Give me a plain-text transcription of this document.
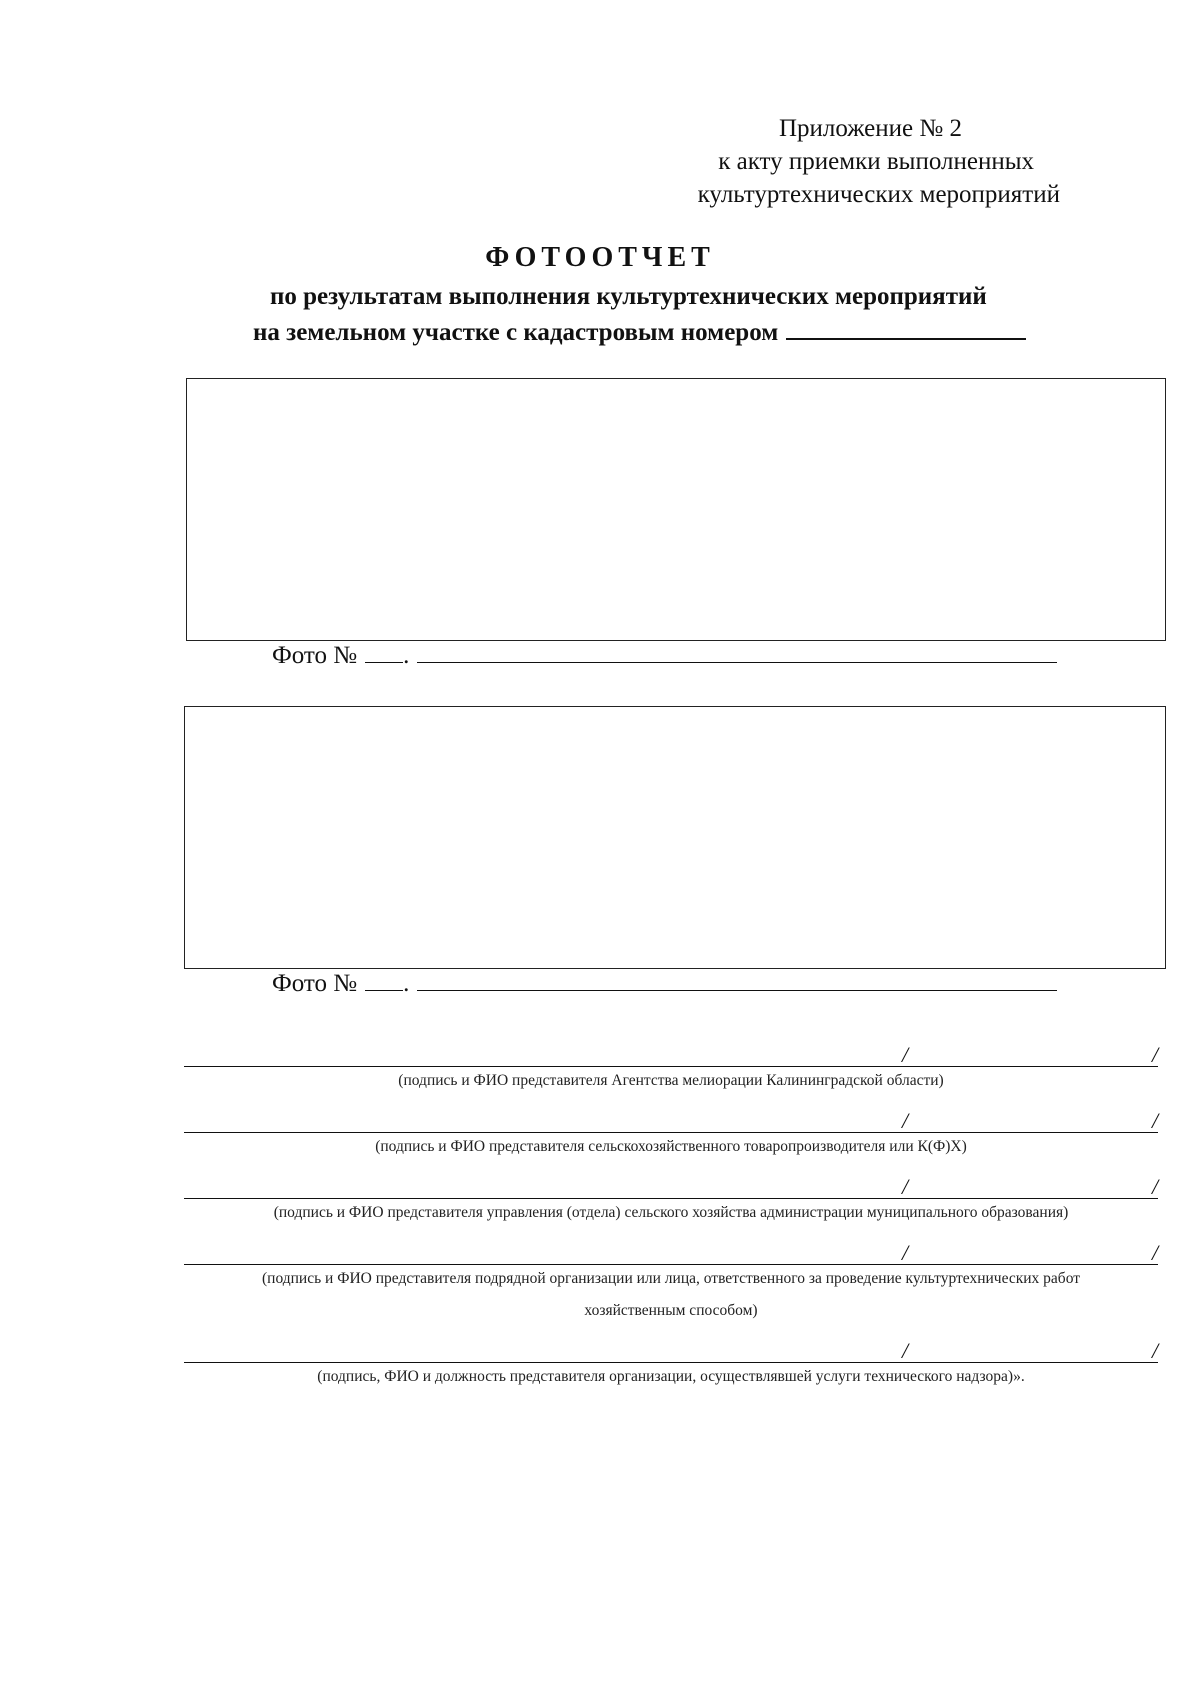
Приложение № 2
к акту приемки выполненных
культуртехнических мероприятий
ФОТООТЧЕТ
по результатам выполнения культуртехнических мероприятий
на земельном участке с кадастровым номером
Фото № .
Фото № .
/	/
(подпись и ФИО представителя Агентства мелиорации Калининградской области)
/	/
(подпись и ФИО представителя сельскохозяйственного товаропроизводителя или К(Ф)Х)
/	/
(подпись и ФИО представителя управления (отдела) сельского хозяйства администрации муниципального образования)
/	/
(подпись и ФИО представителя подрядной организации или лица, ответственного за проведение культуртехнических работ
хозяйственным способом)
/	/
(подпись, ФИО и должность представителя организации, осуществлявшей услуги технического надзора)».
